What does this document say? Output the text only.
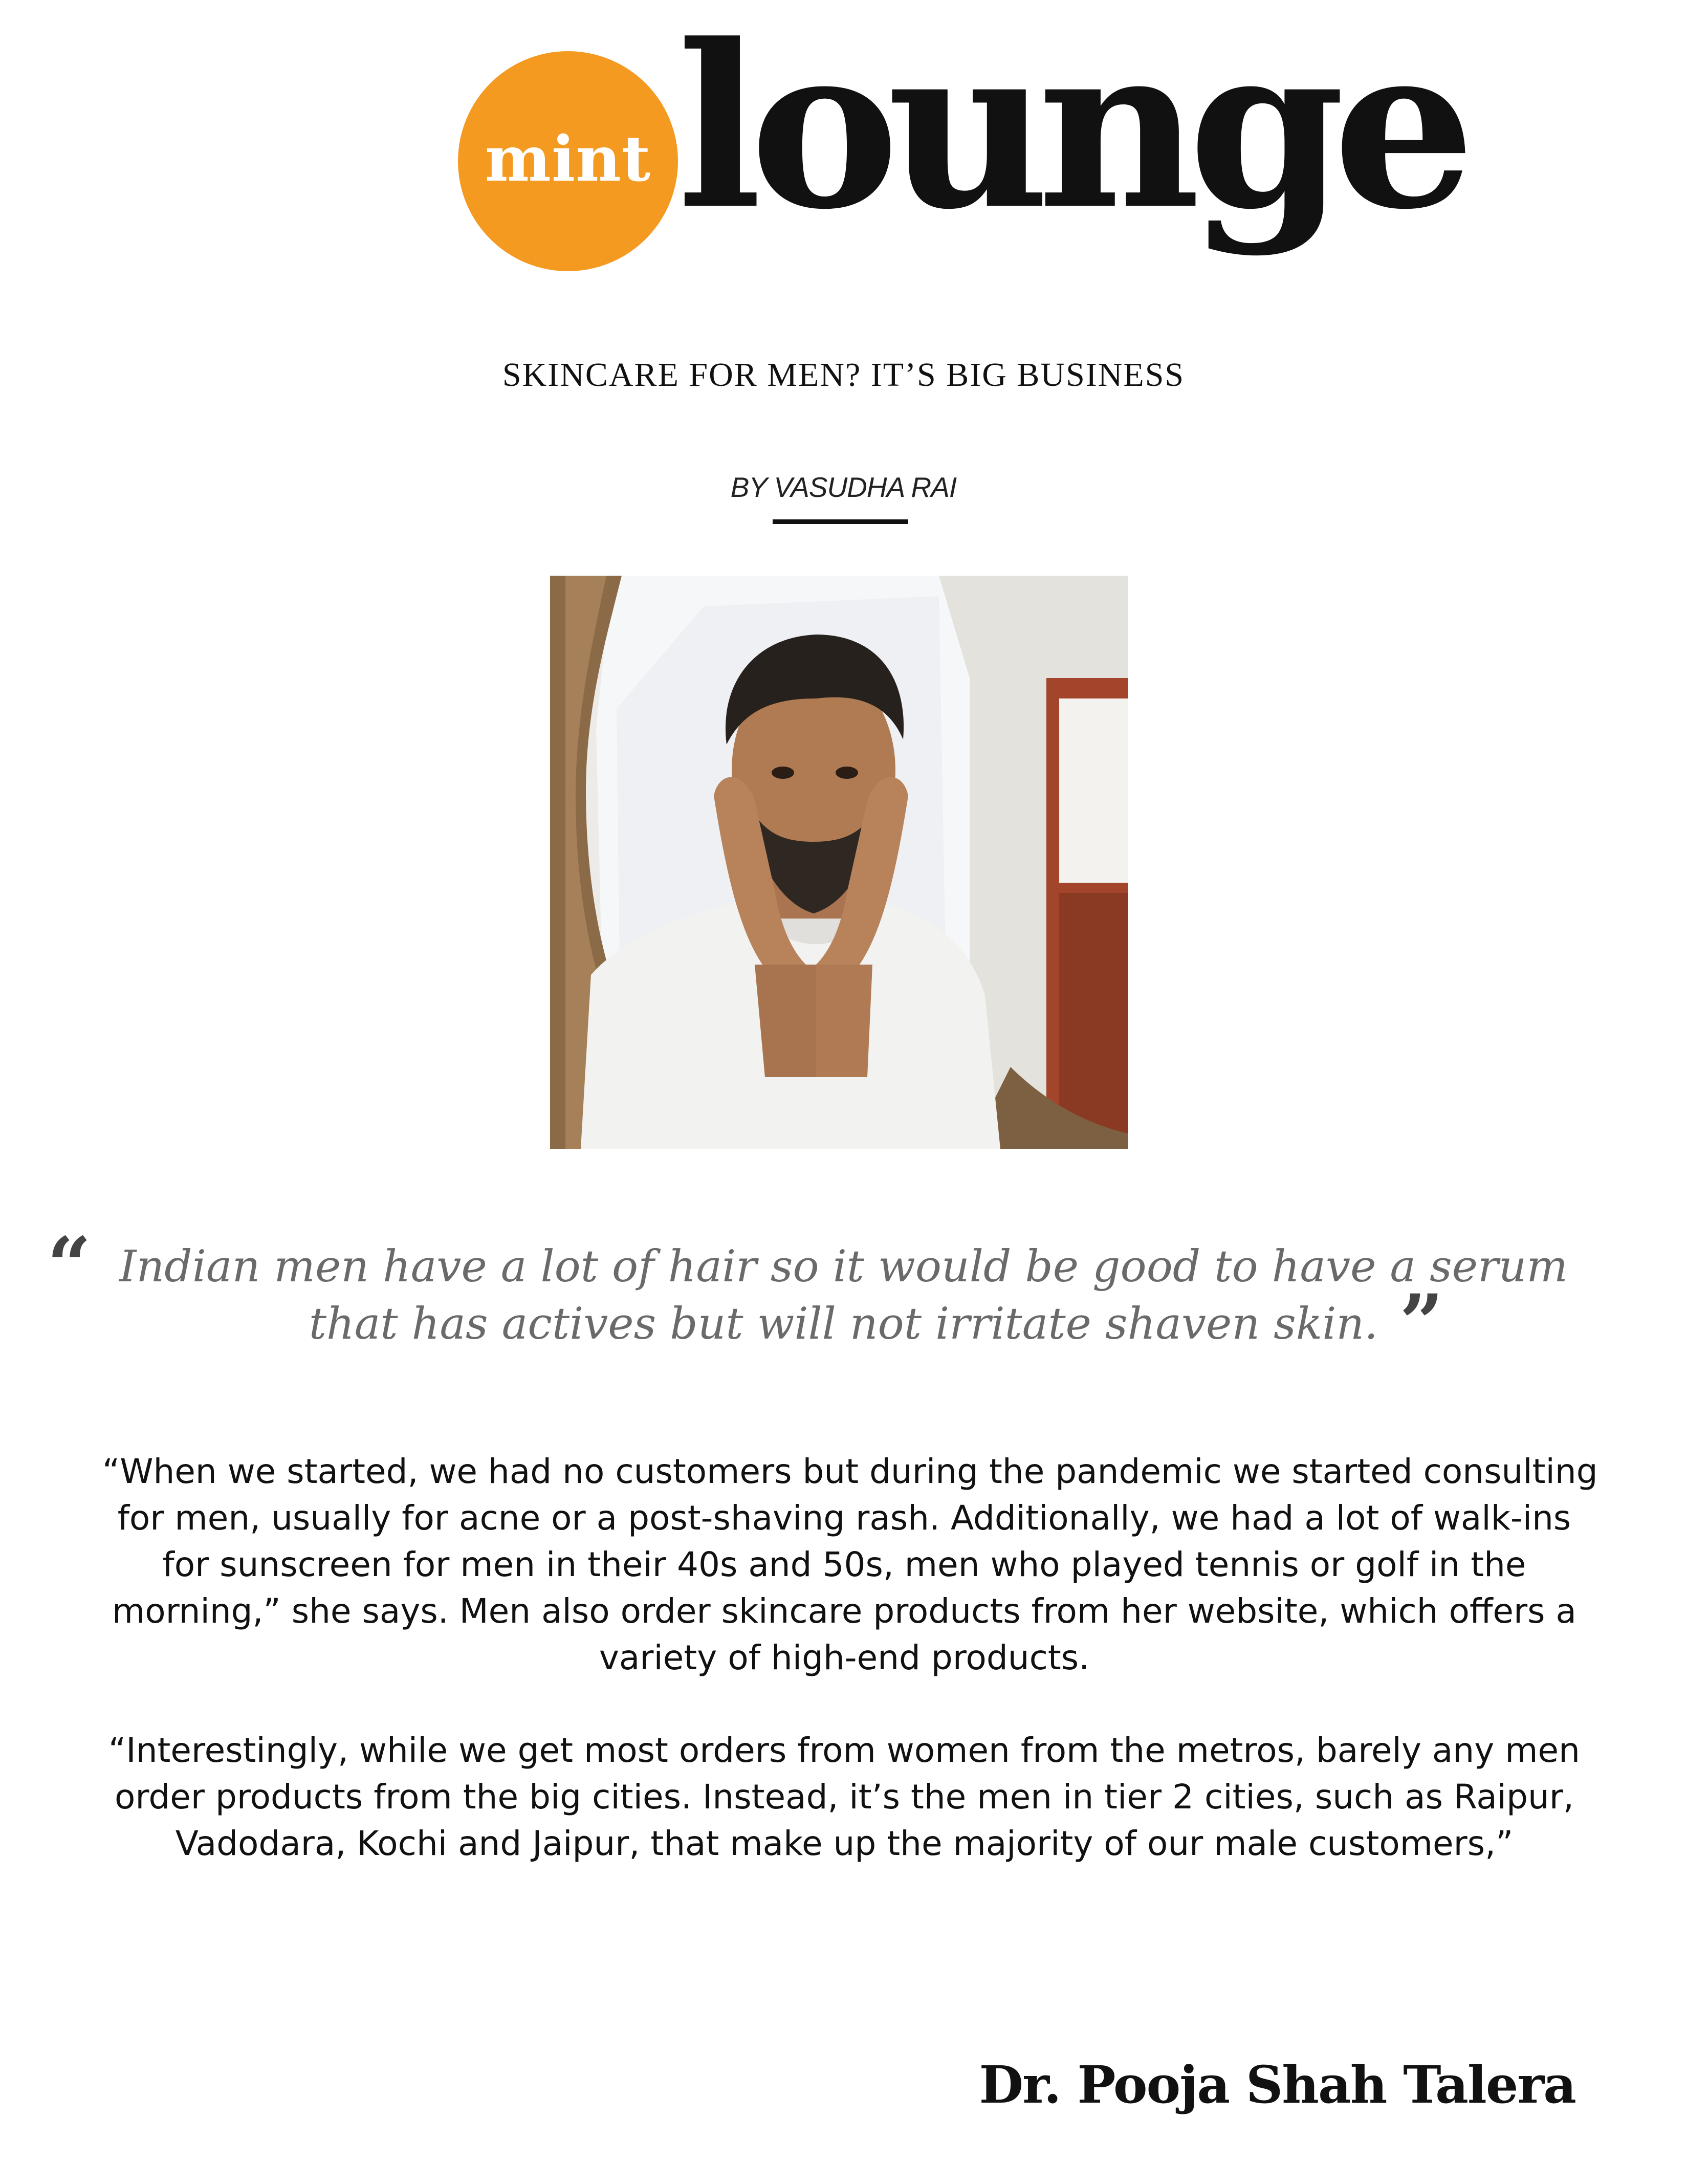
mint lounge
SKINCARE FOR MEN? IT’S BIG BUSINESS
BY VASUDHA RAI
“ Indian men have a lot of hair so it would be good to have a serum
that has actives but will not irritate shaven skin. ”

“When we started, we had no customers but during the pandemic we started consulting
for men, usually for acne or a post-shaving rash. Additionally, we had a lot of walk-ins
for sunscreen for men in their 40s and 50s, men who played tennis or golf in the
morning,” she says. Men also order skincare products from her website, which offers a
variety of high-end products.

“Interestingly, while we get most orders from women from the metros, barely any men
order products from the big cities. Instead, it’s the men in tier 2 cities, such as Raipur,
Vadodara, Kochi and Jaipur, that make up the majority of our male customers,”

Dr. Pooja Shah Talera
